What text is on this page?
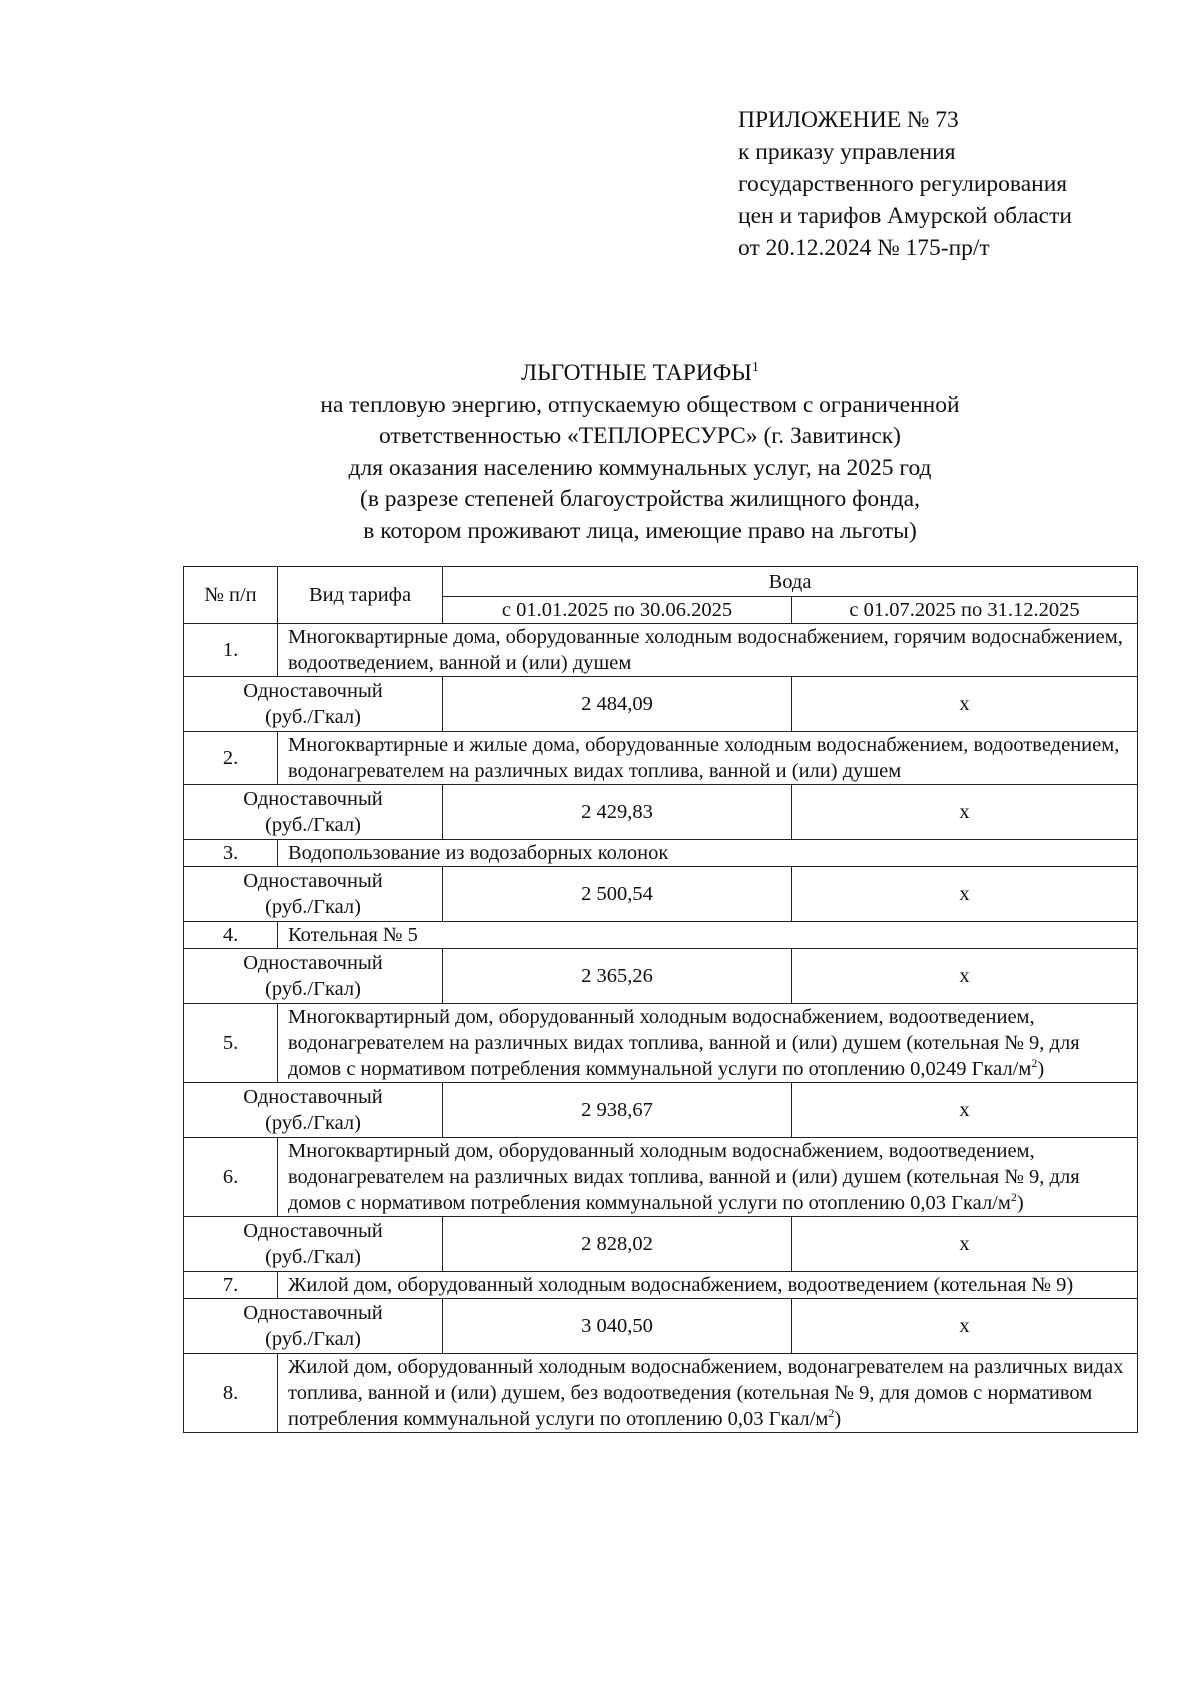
ПРИЛОЖЕНИЕ № 73
к приказу управления
государственного регулирования
цен и тарифов Амурской области
от 20.12.2024 № 175-пр/т
ЛЬГОТНЫЕ ТАРИФЫ$^1$
на тепловую энергию, отпускаемую обществом с ограниченной
ответственностью «ТЕПЛОРЕСУРС» (г. Завитинск)
для оказания населению коммунальных услуг, на 2025 год
(в разрезе степеней благоустройства жилищного фонда,
в котором проживают лица, имеющие право на льготы)
№ п/п	Вид тарифа	Вода	
		с 01.01.2025 по 30.06.2025	с 01.07.2025 по 31.12.2025
1.	Многоквартирные дома, оборудованные холодным водоснабжением, горячим водоснабжением, водоотведением, ванной и (или) душем		

Одноставочный
(руб./Гкал)		2 484,09	x
2.	Многоквартирные и жилые дома, оборудованные холодным водоснабжением, водоотведением, водонагревателем на различных видах топлива, ванной и (или) душем		

Одноставочный
(руб./Гкал)		2 429,83	x
3.	Водопользование из водозаборных колонок		

Одноставочный
(руб./Гкал)		2 500,54	x
4.	Котельная № 5		

Одноставочный
(руб./Гкал)		2 365,26	x
5.	Многоквартирный дом, оборудованный холодным водоснабжением, водоотведением, водонагревателем на различных видах топлива, ванной и (или) душем (котельная № 9, для домов с нормативом потребления коммунальной услуги по отоплению 0,0249 Гкал/$м^2$)		

Одноставочный
(руб./Гкал)		2 938,67	x
6.	Многоквартирный дом, оборудованный холодным водоснабжением, водоотведением, водонагревателем на различных видах топлива, ванной и (или) душем (котельная № 9, для домов с нормативом потребления коммунальной услуги по отоплению 0,03 Гкал/$м^2$)		

Одноставочный
(руб./Гкал)		2 828,02	x
7.	Жилой дом, оборудованный холодным водоснабжением, водоотведением (котельная № 9)		

Одноставочный
(руб./Гкал)		3 040,50	x
8.	Жилой дом, оборудованный холодным водоснабжением, водонагревателем на различных видах топлива, ванной и (или) душем, без водоотведения (котельная № 9, для домов с нормативом потребления коммунальной услуги по отоплению 0,03 Гкал/$м^2$)		
